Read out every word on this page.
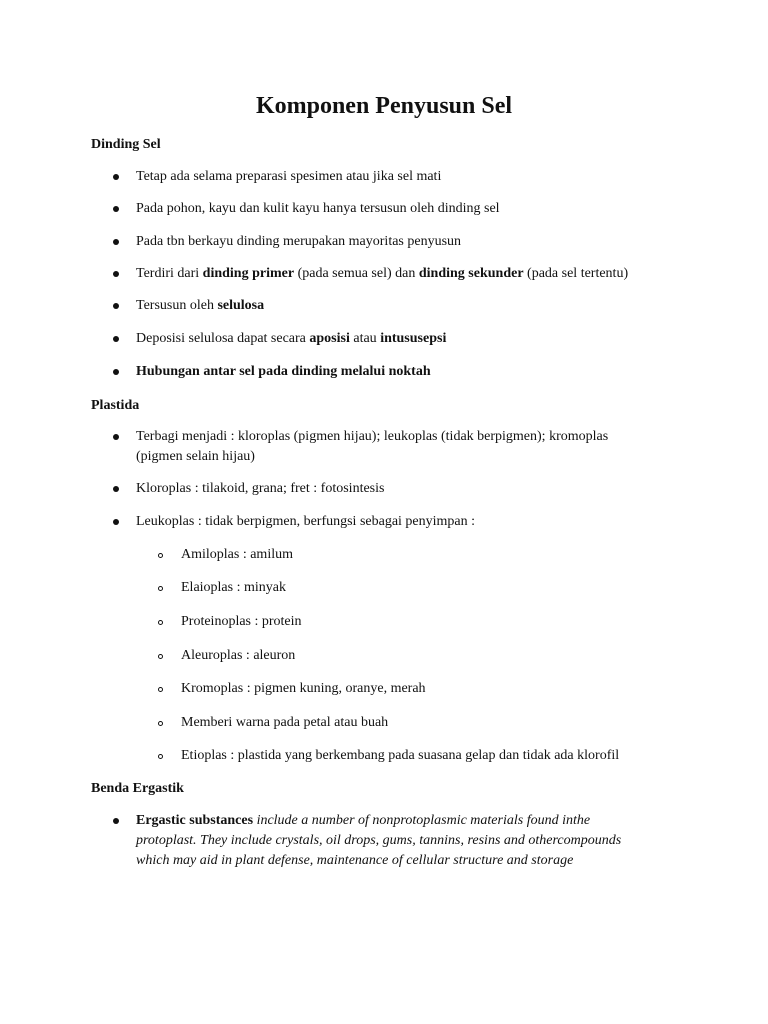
Komponen Penyusun Sel

Dinding Sel

Tetap ada selama preparasi spesimen atau jika sel mati

Pada pohon, kayu dan kulit kayu hanya tersusun oleh dinding sel

Pada tbn berkayu dinding merupakan mayoritas penyusun

Terdiri dari dinding primer (pada semua sel) dan dinding sekunder (pada sel tertentu)

Tersusun oleh selulosa

Deposisi selulosa dapat secara aposisi atau intususepsi

Hubungan antar sel pada dinding melalui noktah

Plastida

Terbagi menjadi : kloroplas (pigmen hijau); leukoplas (tidak berpigmen); kromoplas
(pigmen selain hijau)

Kloroplas : tilakoid, grana; fret : fotosintesis

Leukoplas : tidak berpigmen, berfungsi sebagai penyimpan :

Amiloplas : amilum

Elaioplas : minyak

Proteinoplas : protein

Aleuroplas : aleuron

Kromoplas : pigmen kuning, oranye, merah

Memberi warna pada petal atau buah

Etioplas : plastida yang berkembang pada suasana gelap dan tidak ada klorofil

Benda Ergastik

Ergastic substances include a number of nonprotoplasmic materials found inthe
protoplast. They include crystals, oil drops, gums, tannins, resins and othercompounds
which may aid in plant defense, maintenance of cellular structure and storage
